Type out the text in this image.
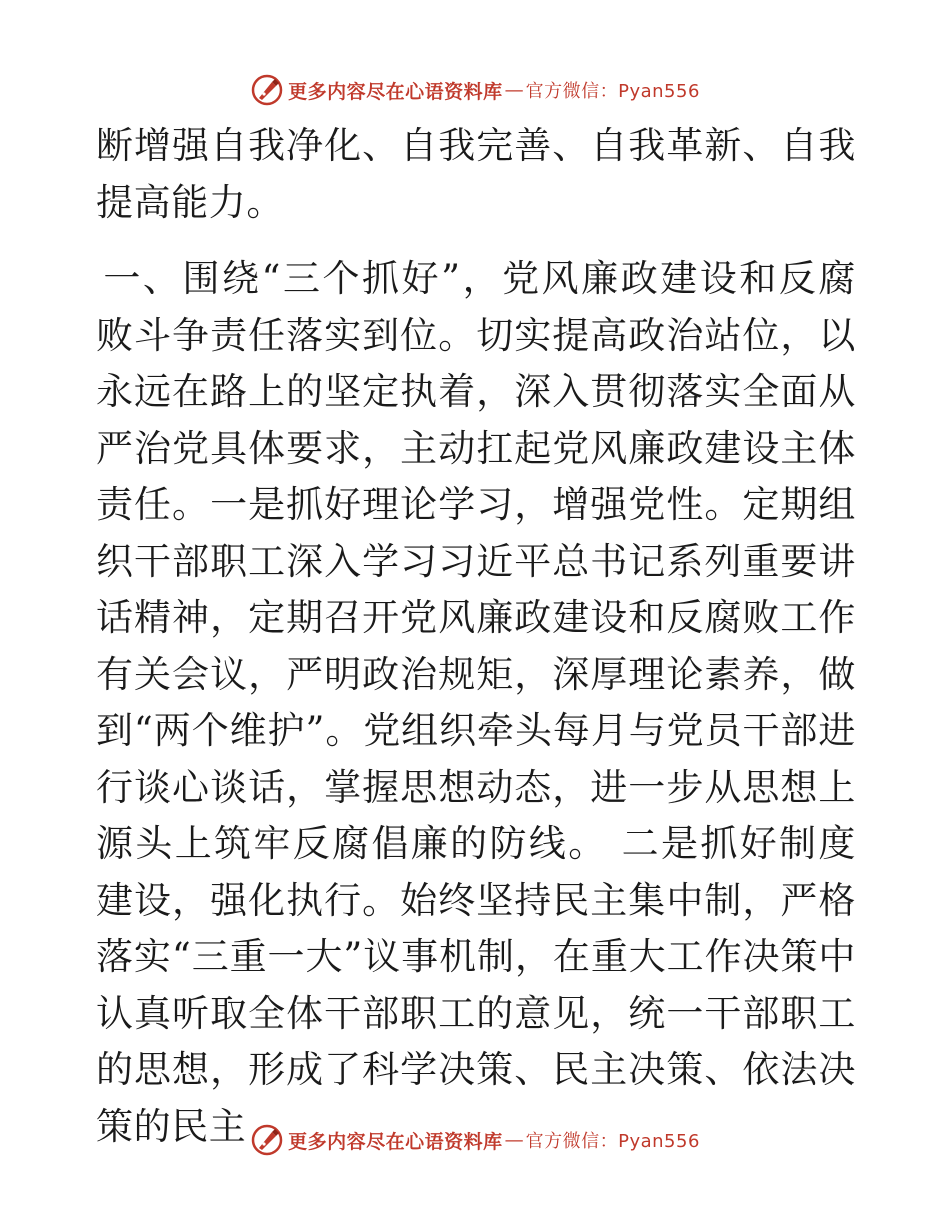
更多内容尽在心语资料库 — 官方微信：Pyan556

断增强自我净化、自我完善、自我革新、自我提高能力。

一、围绕“三个抓好”，党风廉政建设和反腐败斗争责任落实到位。切实提高政治站位，以永远在路上的坚定执着，深入贯彻落实全面从严治党具体要求，主动扛起党风廉政建设主体责任。一是抓好理论学习，增强党性。定期组织干部职工深入学习习近平总书记系列重要讲话精神，定期召开党风廉政建设和反腐败工作有关会议，严明政治规矩，深厚理论素养，做到“两个维护”。党组织牵头每月与党员干部进行谈心谈话，掌握思想动态，进一步从思想上源头上筑牢反腐倡廉的防线。 二是抓好制度建设，强化执行。始终坚持民主集中制，严格落实“三重一大”议事机制，在重大工作决策中认真听取全体干部职工的意见，统一干部职工的思想，形成了科学决策、民主决策、依法决策的民主	更多内容尽在心语资料库 — 官方微信：Pyan556
